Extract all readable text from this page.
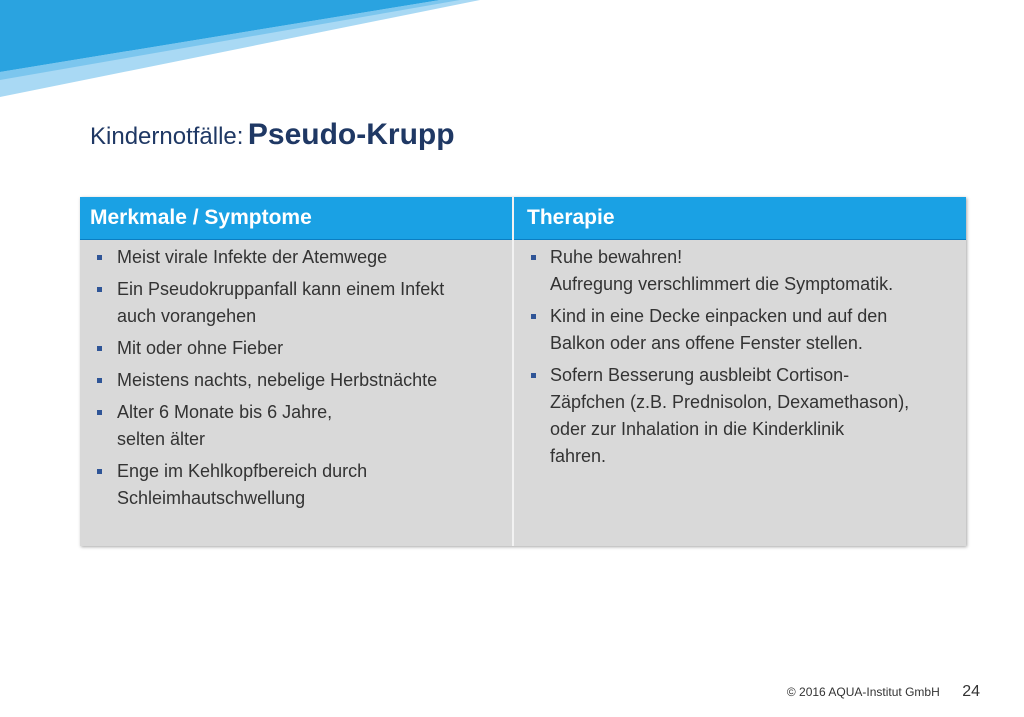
Kindernotfälle: Pseudo-Krupp
Merkmale / Symptome
Meist virale Infekte der Atemwege
Ein Pseudokruppanfall kann einem Infekt
auch vorangehen
Mit oder ohne Fieber
Meistens nachts, nebelige Herbstnächte
Alter 6 Monate bis 6 Jahre,
selten älter
Enge im Kehlkopfbereich durch
Schleimhautschwellung
Therapie
Ruhe bewahren!
Aufregung verschlimmert die Symptomatik.
Kind in eine Decke einpacken und auf den
Balkon oder ans offene Fenster stellen.
Sofern Besserung ausbleibt Cortison-
Zäpfchen (z.B. Prednisolon, Dexamethason),
oder zur Inhalation in die Kinderklinik
fahren.
© 2016 AQUA-Institut GmbH 24
